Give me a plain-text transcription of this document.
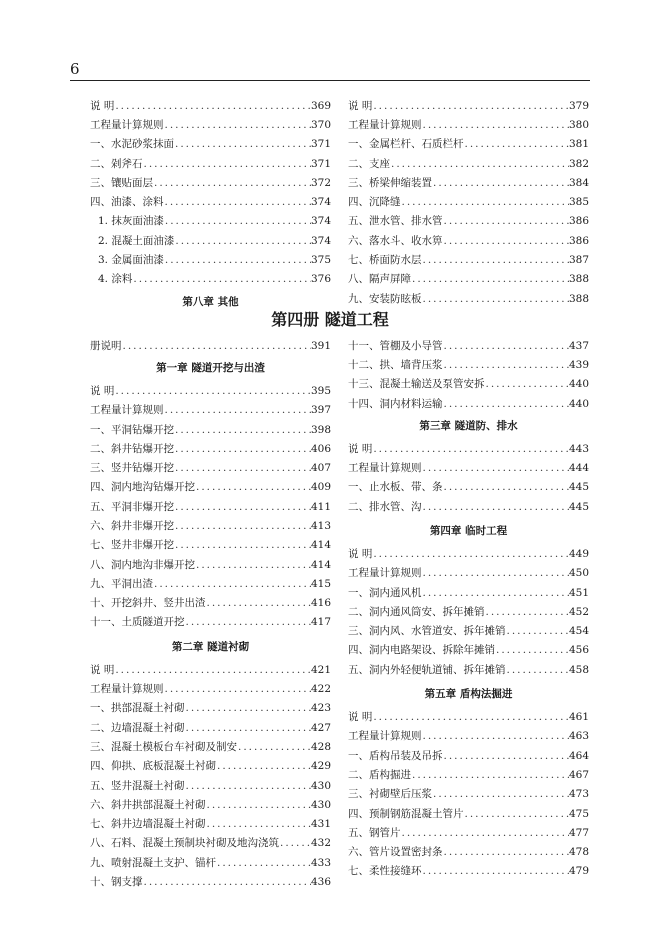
6
说 明 .....	369
工程量计算规则 .....	370
一、水泥砂浆抹面 .....	371
二、剁斧石 .....	371
三、镶贴面层 .....	372
四、油漆、涂料 .....	374
1. 抹灰面油漆 .....	374
2. 混凝土面油漆 .....	374
3. 金属面油漆 .....	375
4. 涂料 .....	376
第八章 其他
说 明 .....	379
工程量计算规则 .....	380
一、金属栏杆、石质栏杆 .....	381
二、支座 .....	382
三、桥梁伸缩装置 .....	384
四、沉降缝 .....	385
五、泄水管、排水管 .....	386
六、落水斗、收水箅 .....	386
七、桥面防水层 .....	387
八、隔声屏障 .....	388
九、安装防眩板 .....	388
第四册 隧道工程
册说明 .....	391
第一章 隧道开挖与出渣
说 明 .....	395
工程量计算规则 .....	397
一、平洞钻爆开挖 .....	398
二、斜井钻爆开挖 .....	406
三、竖井钻爆开挖 .....	407
四、洞内地沟钻爆开挖 .....	409
五、平洞非爆开挖 .....	411
六、斜井非爆开挖 .....	413
七、竖井非爆开挖 .....	414
八、洞内地沟非爆开挖 .....	414
九、平洞出渣 .....	415
十、开挖斜井、竖井出渣 .....	416
十一、土质隧道开挖 .....	417
第二章 隧道衬砌
说 明 .....	421
工程量计算规则 .....	422
一、拱部混凝土衬砌 .....	423
二、边墙混凝土衬砌 .....	427
三、混凝土模板台车衬砌及制安 .....	428
四、仰拱、底板混凝土衬砌 .....	429
五、竖井混凝土衬砌 .....	430
六、斜井拱部混凝土衬砌 .....	430
七、斜井边墙混凝土衬砌 .....	431
八、石料、混凝土预制块衬砌及地沟浇筑 .....	432
九、喷射混凝土支护、锚杆 .....	433
十、钢支撑 .....	436
十一、管棚及小导管 .....	437
十二、拱、墙背压浆 .....	439
十三、混凝土输送及泵管安拆 .....	440
十四、洞内材料运输 .....	440
第三章 隧道防、排水
说 明 .....	443
工程量计算规则 .....	444
一、止水板、带、条 .....	445
二、排水管、沟 .....	445
第四章 临时工程
说 明 .....	449
工程量计算规则 .....	450
一、洞内通风机 .....	451
二、洞内通风筒安、拆年摊销 .....	452
三、洞内风、水管道安、拆年摊销 .....	454
四、洞内电路架设、拆除年摊销 .....	456
五、洞内外轻便轨道铺、拆年摊销 .....	458
第五章 盾构法掘进
说 明 .....	461
工程量计算规则 .....	463
一、盾构吊装及吊拆 .....	464
二、盾构掘进 .....	467
三、衬砌壁后压浆 .....	473
四、预制钢筋混凝土管片 .....	475
五、钢管片 .....	477
六、管片设置密封条 .....	478
七、柔性接缝环 .....	479
